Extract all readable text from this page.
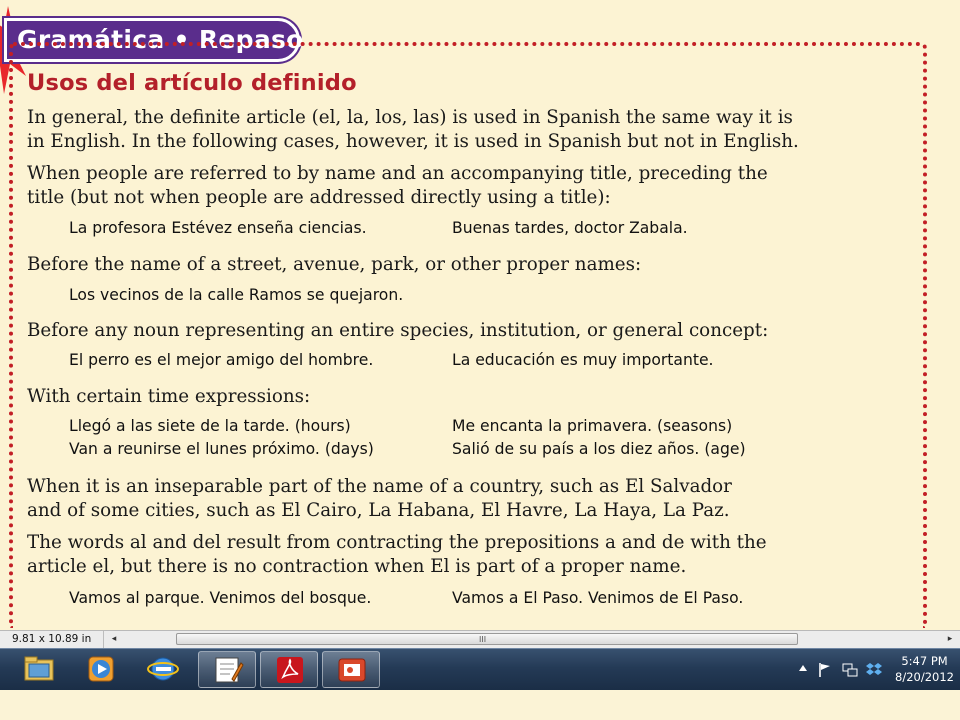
Gramática • Repaso
Usos del artículo definido
In general, the definite article (el, la, los, las) is used in Spanish the same way it is
in English. In the following cases, however, it is used in Spanish but not in English.
When people are referred to by name and an accompanying title, preceding the
title (but not when people are addressed directly using a title):
La profesora Estévez enseña ciencias.	Buenas tardes, doctor Zabala.
Before the name of a street, avenue, park, or other proper names:
Los vecinos de la calle Ramos se quejaron.
Before any noun representing an entire species, institution, or general concept:
El perro es el mejor amigo del hombre.	La educación es muy importante.
With certain time expressions:
Llegó a las siete de la tarde. (hours)	Me encanta la primavera. (seasons)
Van a reunirse el lunes próximo. (days)	Salió de su país a los diez años. (age)
When it is an inseparable part of the name of a country, such as El Salvador
and of some cities, such as El Cairo, La Habana, El Havre, La Haya, La Paz.
The words al and del result from contracting the prepositions a and de with the
article el, but there is no contraction when El is part of a proper name.
Vamos al parque. Venimos del bosque.	Vamos a El Paso. Venimos de El Paso.
9.81 x 10.89 in	◂	III	▸
5:47 PM
8/20/2012
